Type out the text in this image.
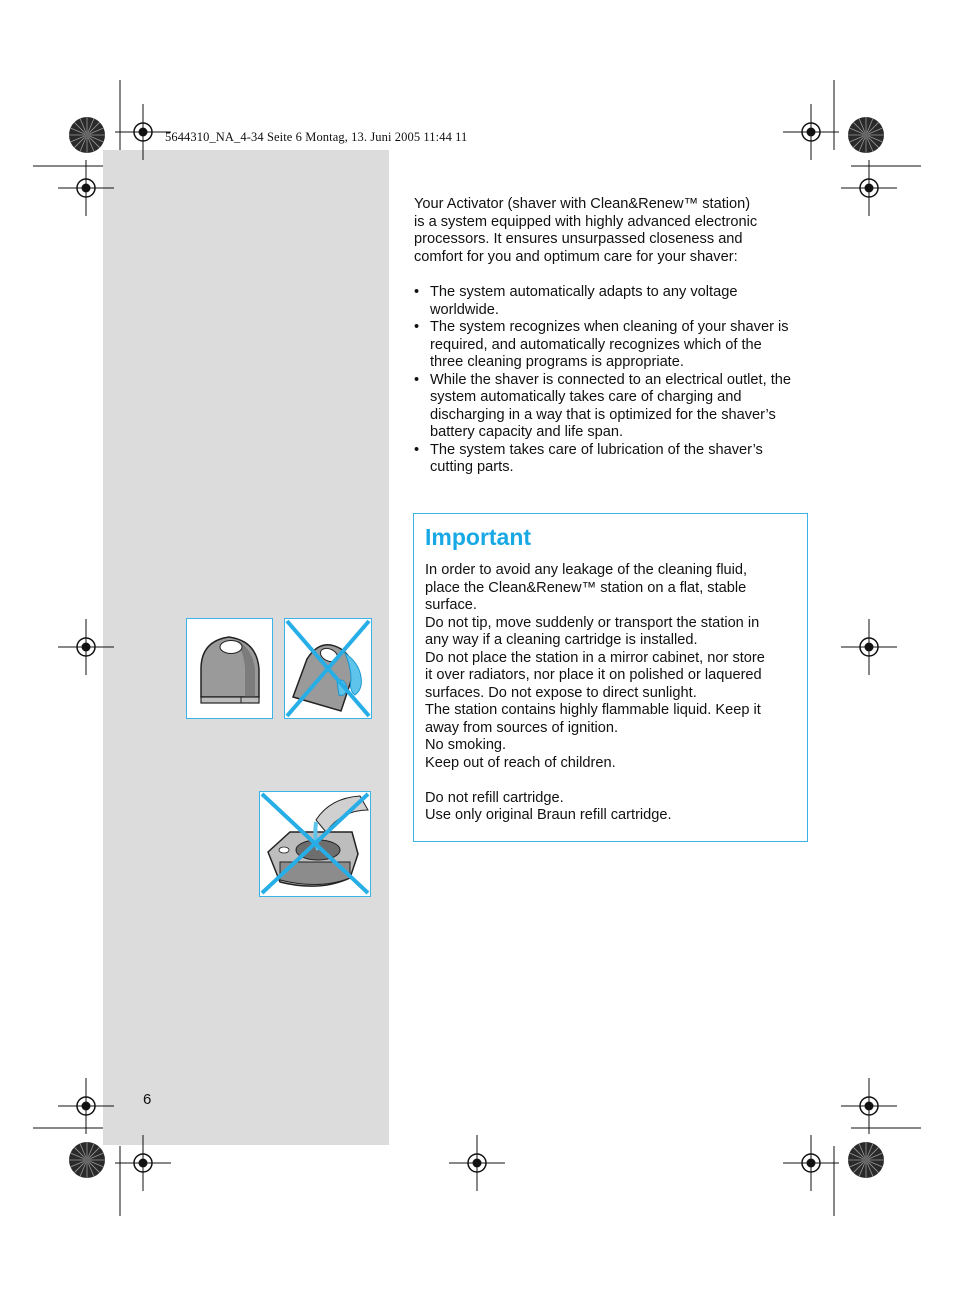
5644310_NA_4-34 Seite 6 Montag, 13. Juni 2005 11:44 11
Your Activator (shaver with Clean&Renew™ station)
is a system equipped with highly advanced electronic
processors. It ensures unsurpassed closeness and
comfort for you and optimum care for your shaver:
• The system automatically adapts to any voltage
worldwide.
• The system recognizes when cleaning of your shaver is
required, and automatically recognizes which of the
three cleaning programs is appropriate.
• While the shaver is connected to an electrical outlet, the
system automatically takes care of charging and
discharging in a way that is optimized for the shaver’s
battery capacity and life span.
• The system takes care of lubrication of the shaver’s
cutting parts.
Important
In order to avoid any leakage of the cleaning fluid,
place the Clean&Renew™ station on a flat, stable
surface.
Do not tip, move suddenly or transport the station in
any way if a cleaning cartridge is installed.
Do not place the station in a mirror cabinet, nor store
it over radiators, nor place it on polished or laquered
surfaces. Do not expose to direct sunlight.
The station contains highly flammable liquid. Keep it
away from sources of ignition.
No smoking.
Keep out of reach of children.
Do not refill cartridge.
Use only original Braun refill cartridge.
6
